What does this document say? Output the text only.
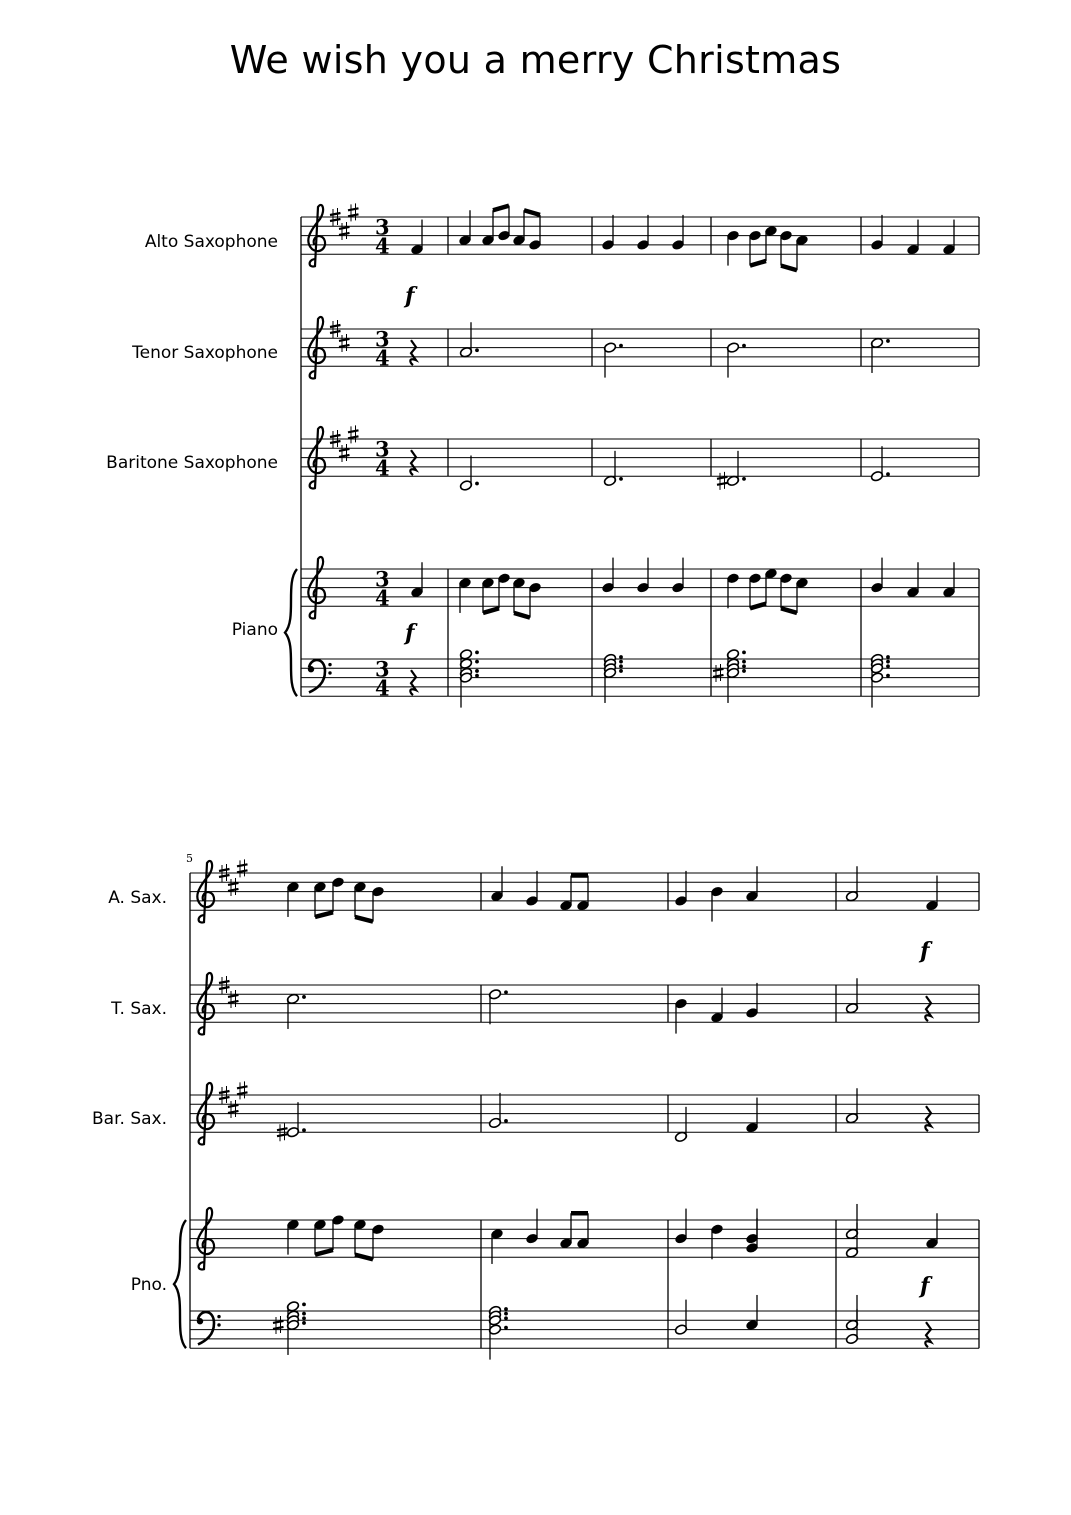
We wish you a merry Christmas
Alto Saxophone
Tenor Saxophone
Baritone Saxophone
Piano
5
A. Sax.
T. Sax.
Bar. Sax.
Pno.
3
4
3
4
3
4
3
4
3
4
f
f
f
f
